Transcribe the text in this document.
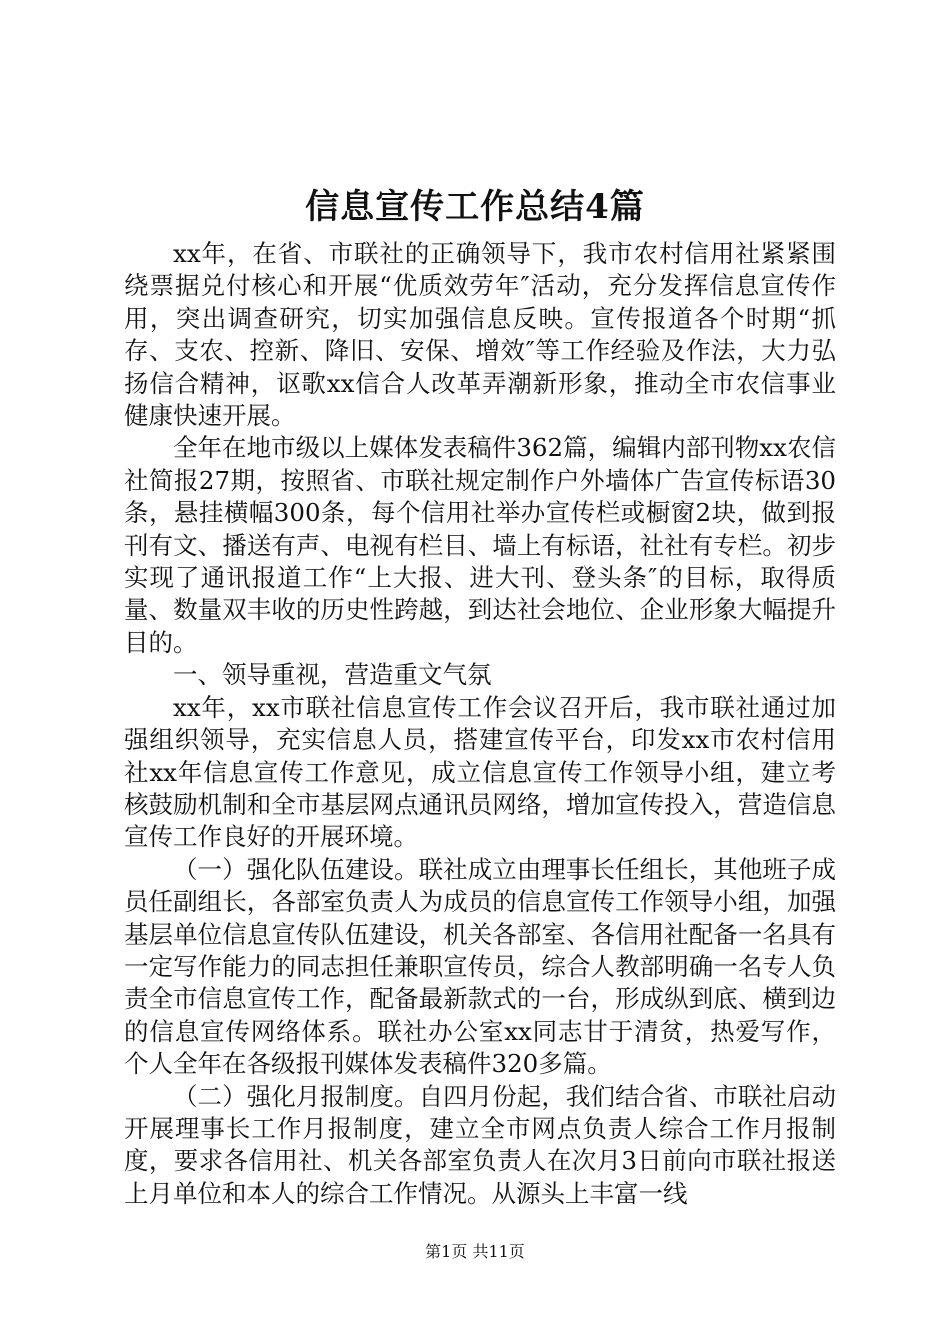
信息宣传工作总结4篇

xx年，在省、市联社的正确领导下，我市农村信用社紧紧围绕票据兑付核心和开展“优质效劳年″活动，充分发挥信息宣传作用，突出调查研究，切实加强信息反映。宣传报道各个时期“抓存、支农、控新、降旧、安保、增效″等工作经验及作法，大力弘扬信合精神，讴歌xx信合人改革弄潮新形象，推动全市农信事业健康快速开展。

全年在地市级以上媒体发表稿件362篇，编辑内部刊物xx农信社简报27期，按照省、市联社规定制作户外墙体广告宣传标语30条，悬挂横幅300条，每个信用社举办宣传栏或橱窗2块，做到报刊有文、播送有声、电视有栏目、墙上有标语，社社有专栏。初步实现了通讯报道工作“上大报、进大刊、登头条″的目标，取得质量、数量双丰收的历史性跨越，到达社会地位、企业形象大幅提升目的。

一、领导重视，营造重文气氛

xx年，xx市联社信息宣传工作会议召开后，我市联社通过加强组织领导，充实信息人员，搭建宣传平台，印发xx市农村信用社xx年信息宣传工作意见，成立信息宣传工作领导小组，建立考核鼓励机制和全市基层网点通讯员网络，增加宣传投入，营造信息宣传工作良好的开展环境。

（一）强化队伍建设。联社成立由理事长任组长，其他班子成员任副组长，各部室负责人为成员的信息宣传工作领导小组，加强基层单位信息宣传队伍建设，机关各部室、各信用社配备一名具有一定写作能力的同志担任兼职宣传员，综合人教部明确一名专人负责全市信息宣传工作，配备最新款式的一台，形成纵到底、横到边的信息宣传网络体系。联社办公室xx同志甘于清贫，热爱写作，个人全年在各级报刊媒体发表稿件320多篇。

（二）强化月报制度。自四月份起，我们结合省、市联社启动开展理事长工作月报制度，建立全市网点负责人综合工作月报制度，要求各信用社、机关各部室负责人在次月3日前向市联社报送上月单位和本人的综合工作情况。从源头上丰富一线

第1页 共11页
